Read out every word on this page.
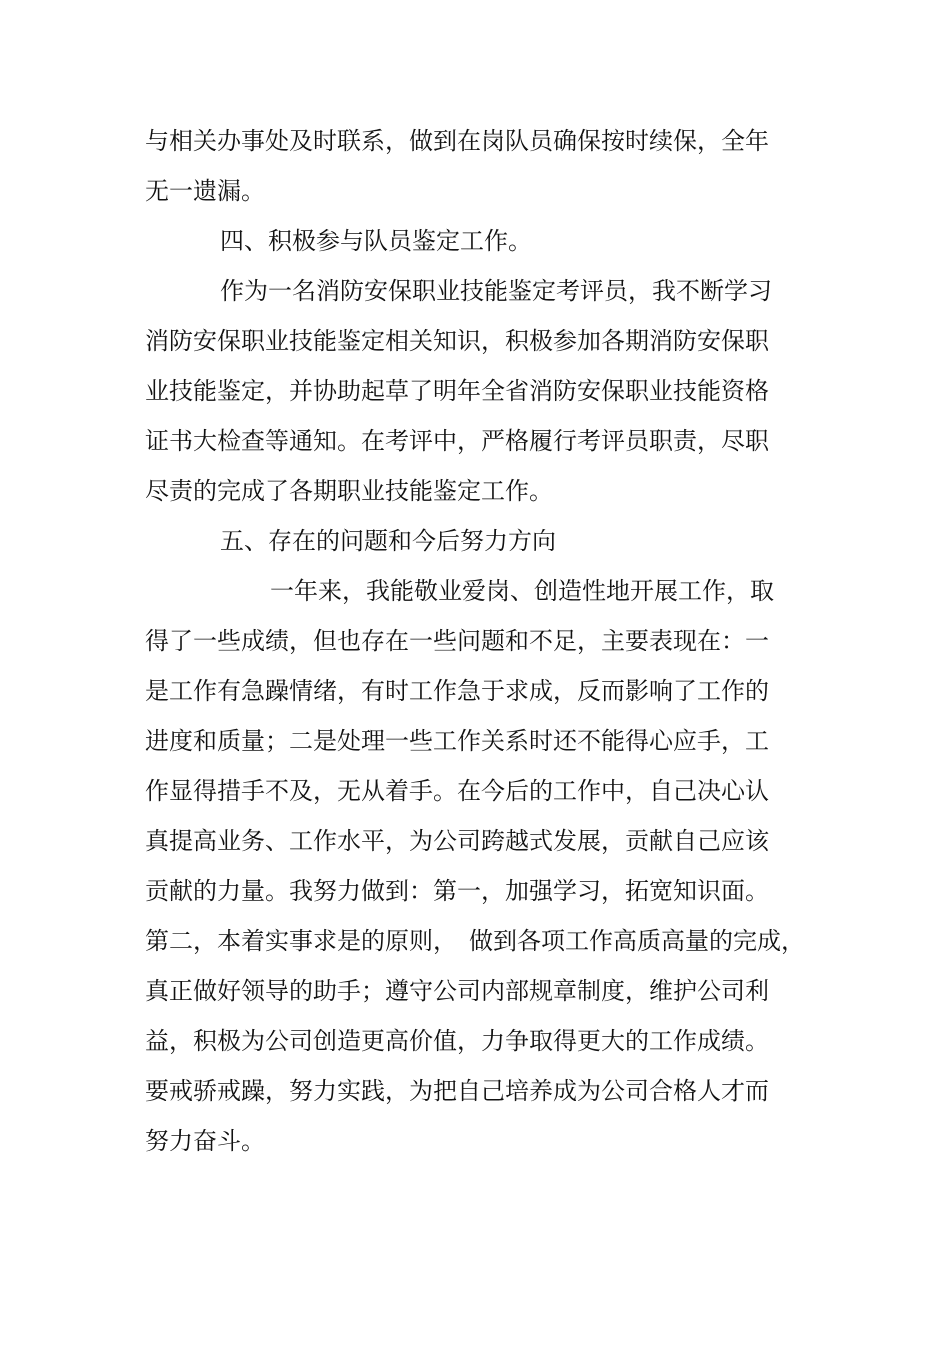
与相关办事处及时联系，做到在岗队员确保按时续保，全年
无一遗漏。
四、积极参与队员鉴定工作。
作为一名消防安保职业技能鉴定考评员，我不断学习
消防安保职业技能鉴定相关知识，积极参加各期消防安保职
业技能鉴定，并协助起草了明年全省消防安保职业技能资格
证书大检查等通知。在考评中，严格履行考评员职责，尽职
尽责的完成了各期职业技能鉴定工作。
五、存在的问题和今后努力方向
一年来，我能敬业爱岗、创造性地开展工作，取
得了一些成绩，但也存在一些问题和不足，主要表现在：一
是工作有急躁情绪，有时工作急于求成，反而影响了工作的
进度和质量；二是处理一些工作关系时还不能得心应手，工
作显得措手不及，无从着手。在今后的工作中，自己决心认
真提高业务、工作水平，为公司跨越式发展，贡献自己应该
贡献的力量。我努力做到：第一，加强学习，拓宽知识面。
第二，本着实事求是的原则，　做到各项工作高质高量的完成，
真正做好领导的助手；遵守公司内部规章制度，维护公司利
益，积极为公司创造更高价值，力争取得更大的工作成绩。
要戒骄戒躁，努力实践，为把自己培养成为公司合格人才而
努力奋斗。
